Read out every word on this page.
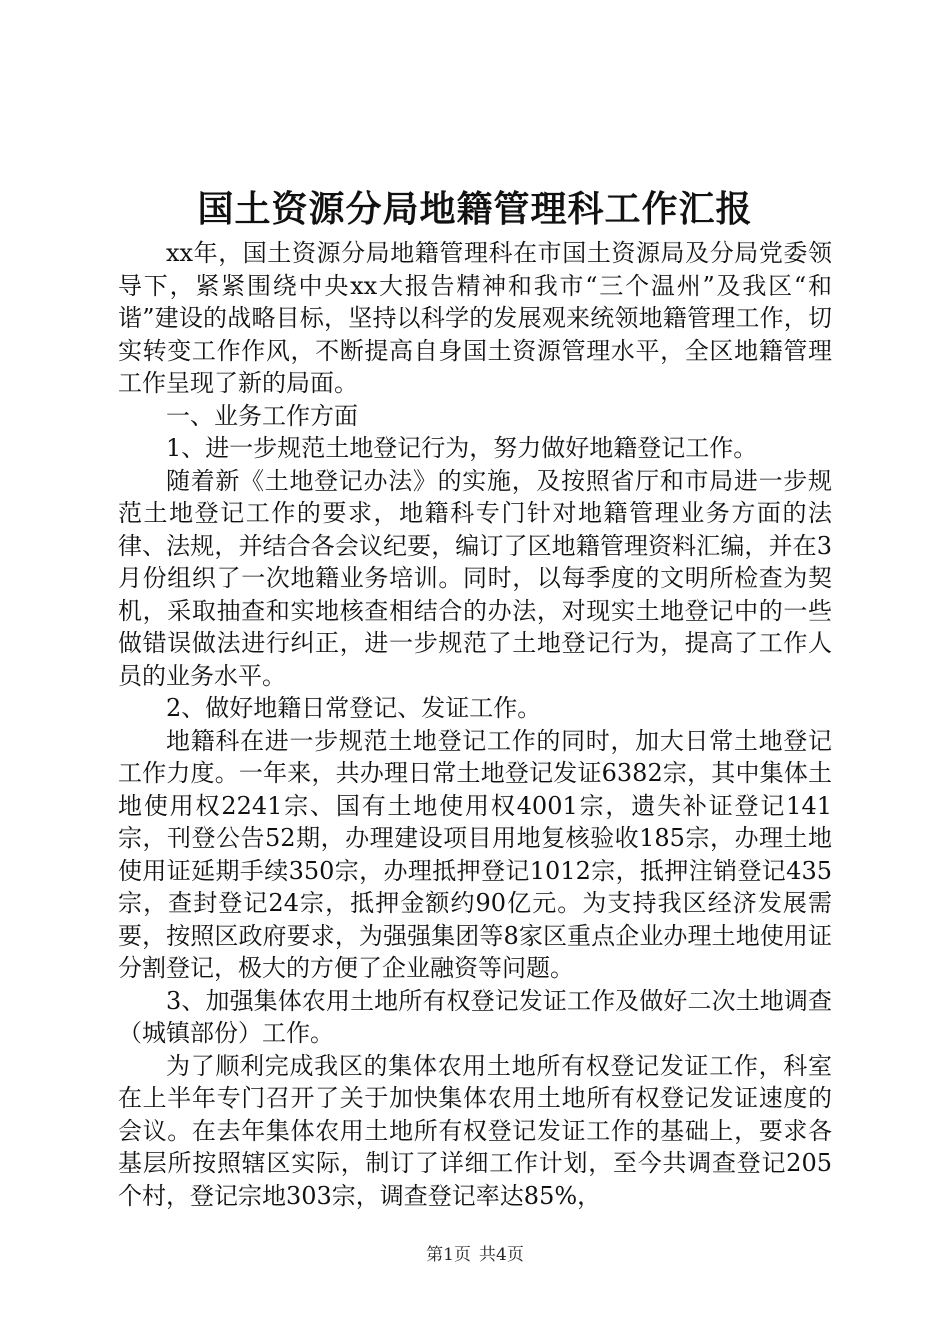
国土资源分局地籍管理科工作汇报

xx年，国土资源分局地籍管理科在市国土资源局及分局党委领导下，紧紧围绕中央xx大报告精神和我市“三个温州”及我区“和谐”建设的战略目标，坚持以科学的发展观来统领地籍管理工作，切实转变工作作风，不断提高自身国土资源管理水平，全区地籍管理工作呈现了新的局面。

一、业务工作方面

1、进一步规范土地登记行为，努力做好地籍登记工作。

随着新《土地登记办法》的实施，及按照省厅和市局进一步规范土地登记工作的要求，地籍科专门针对地籍管理业务方面的法律、法规，并结合各会议纪要，编订了区地籍管理资料汇编，并在3月份组织了一次地籍业务培训。同时，以每季度的文明所检查为契机，采取抽查和实地核查相结合的办法，对现实土地登记中的一些做错误做法进行纠正，进一步规范了土地登记行为，提高了工作人员的业务水平。

2、做好地籍日常登记、发证工作。

地籍科在进一步规范土地登记工作的同时，加大日常土地登记工作力度。一年来，共办理日常土地登记发证6382宗，其中集体土地使用权2241宗、国有土地使用权4001宗，遗失补证登记141宗，刊登公告52期，办理建设项目用地复核验收185宗，办理土地使用证延期手续350宗，办理抵押登记1012宗，抵押注销登记435宗，查封登记24宗，抵押金额约90亿元。为支持我区经济发展需要，按照区政府要求，为强强集团等8家区重点企业办理土地使用证分割登记，极大的方便了企业融资等问题。

3、加强集体农用土地所有权登记发证工作及做好二次土地调查（城镇部份）工作。

为了顺利完成我区的集体农用土地所有权登记发证工作，科室在上半年专门召开了关于加快集体农用土地所有权登记发证速度的会议。在去年集体农用土地所有权登记发证工作的基础上，要求各基层所按照辖区实际，制订了详细工作计划，至今共调查登记205个村，登记宗地303宗，调查登记率达85%，

第1页 共4页
